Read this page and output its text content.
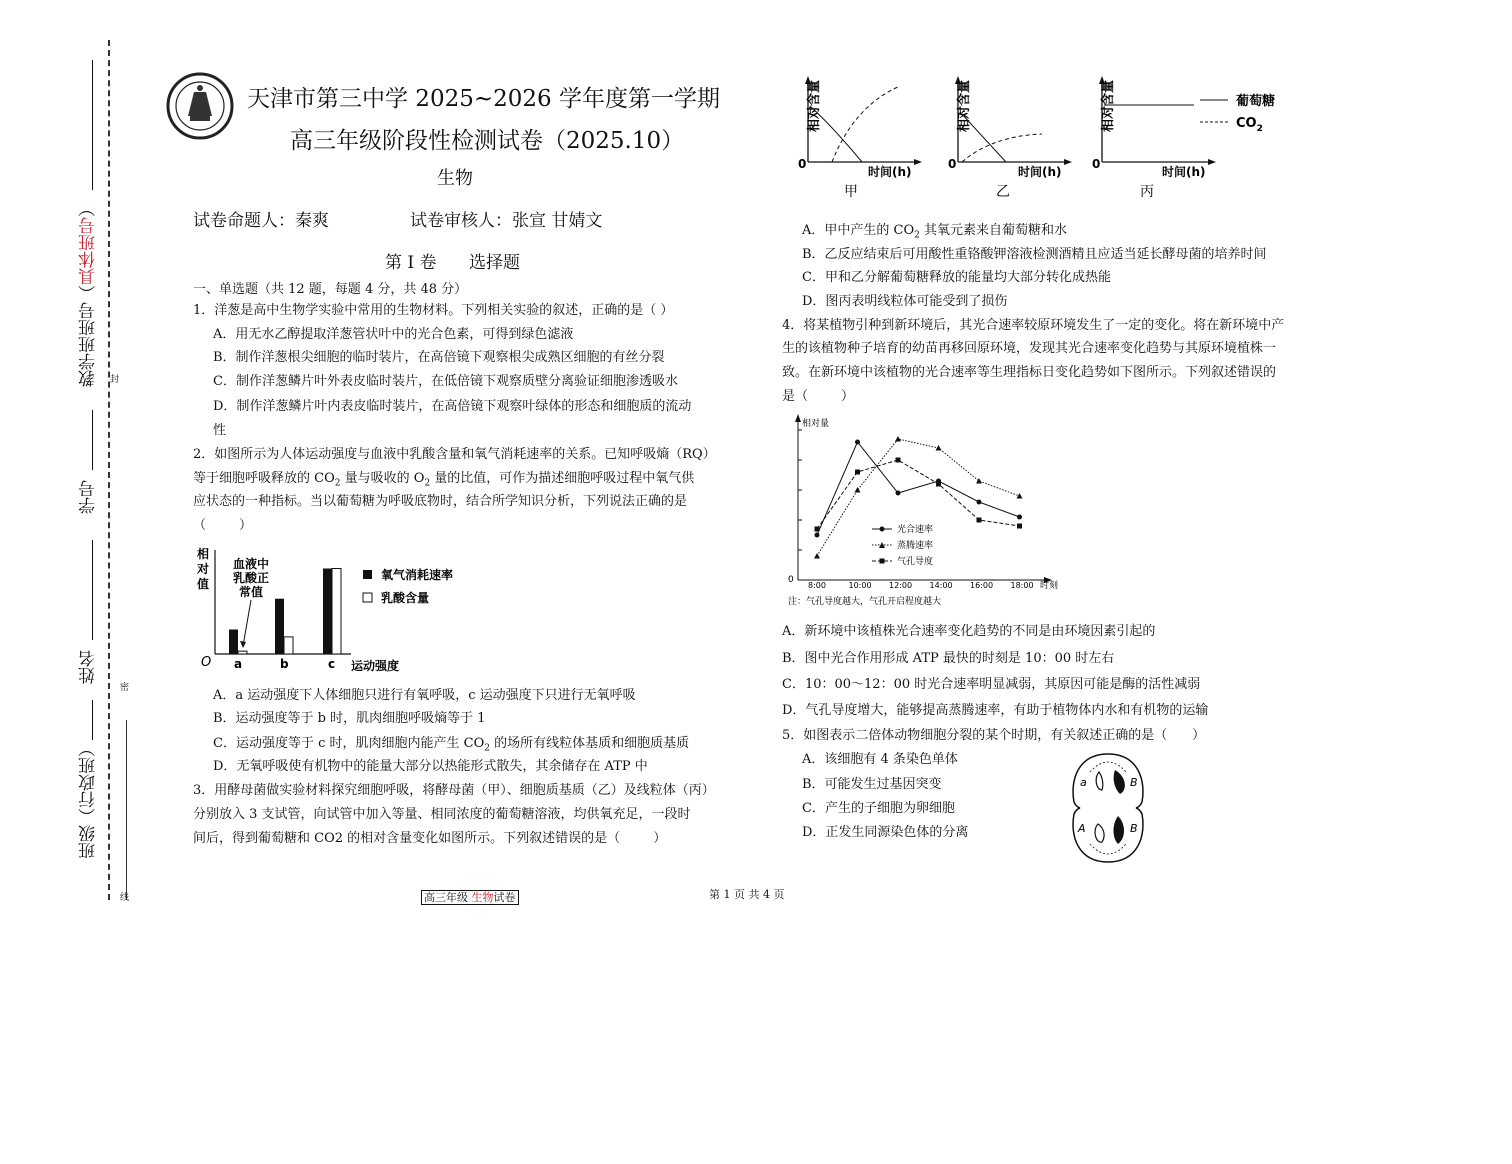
班级（行政班）
姓名
学号
教学班班号（具体班号）
封
密
线
天津市第三中学 2025~2026 学年度第一学期
高三年级阶段性检测试卷（2025.10）
生物
试卷命题人：秦爽	试卷审核人：张宣 甘婧文
第 I 卷      选择题
一、单选题（共 12 题，每题 4 分，共 48 分）
1．洋葱是高中生物学实验中常用的生物材料。下列相关实验的叙述，正确的是（ ）
A．用无水乙醇提取洋葱管状叶中的光合色素，可得到绿色滤液
B．制作洋葱根尖细胞的临时装片，在高倍镜下观察根尖成熟区细胞的有丝分裂
C．制作洋葱鳞片叶外表皮临时装片，在低倍镜下观察质壁分离验证细胞渗透吸水
D．制作洋葱鳞片叶内表皮临时装片，在高倍镜下观察叶绿体的形态和细胞质的流动
性
2．如图所示为人体运动强度与血液中乳酸含量和氧气消耗速率的关系。已知呼吸熵（RQ）
等于细胞呼吸释放的 $CO_2$ 量与吸收的 $O_2$ 量的比值，可作为描述细胞呼吸过程中氧气供
应状态的一种指标。当以葡萄糖为呼吸底物时，结合所学知识分析，下列说法正确的是
（        ）
相
对
值
O
血液中
乳酸正
常值
a	b	c 运动强度
氧气消耗速率
乳酸含量
A．a 运动强度下人体细胞只进行有氧呼吸，c 运动强度下只进行无氧呼吸
B．运动强度等于 b 时，肌肉细胞呼吸熵等于 1
C．运动强度等于 c 时，肌肉细胞内能产生 $CO_2$ 的场所有线粒体基质和细胞质基质
D．无氧呼吸使有机物中的能量大部分以热能形式散失，其余储存在 ATP 中
3．用酵母菌做实验材料探究细胞呼吸，将酵母菌（甲）、细胞质基质（乙）及线粒体（丙）
分别放入 3 支试管，向试管中加入等量、相同浓度的葡萄糖溶液，均供氧充足，一段时
间后，得到葡萄糖和 CO2 的相对含量变化如图所示。下列叙述错误的是（        ）
相对含量
0
时间(h)
甲
相对含量
0
时间(h)
乙
相对含量
0
时间(h)
丙
葡萄糖
$CO_2$
A．甲中产生的 $CO_2$ 其氧元素来自葡萄糖和水
B．乙反应结束后可用酸性重铬酸钾溶液检测酒精且应适当延长酵母菌的培养时间
C．甲和乙分解葡萄糖释放的能量均大部分转化成热能
D．图丙表明线粒体可能受到了损伤
4．将某植物引种到新环境后，其光合速率较原环境发生了一定的变化。将在新环境中产
生的该植物种子培育的幼苗再移回原环境，发现其光合速率变化趋势与其原环境植株一
致。在新环境中该植物的光合速率等生理指标日变化趋势如下图所示。下列叙述错误的
是（        ）
相对量
0
时刻
8:00	10:00 12:00 14:00 16:00 18:00
光合速率
蒸腾速率
气孔导度
注：气孔导度越大，气孔开启程度越大
A．新环境中该植株光合速率变化趋势的不同是由环境因素引起的
B．图中光合作用形成 ATP 最快的时刻是 10：00 时左右
C．10：00～12：00 时光合速率明显减弱，其原因可能是酶的活性减弱
D．气孔导度增大，能够提高蒸腾速率，有助于植物体内水和有机物的运输
5．如图表示二倍体动物细胞分裂的某个时期，有关叙述正确的是（      ）
A．该细胞有 4 条染色单体
B．可能发生过基因突变
C．产生的子细胞为卵细胞
D．正发生同源染色体的分离
a	B
A	B
高三年级 生物试卷	第 1 页 共 4 页
